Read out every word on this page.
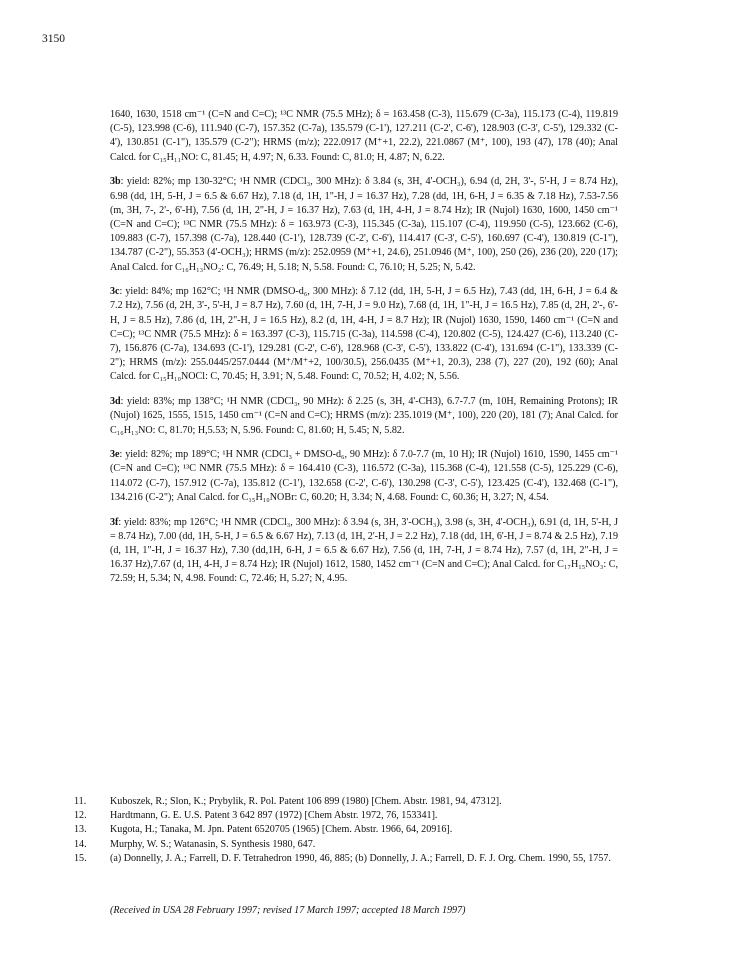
3150

1640, 1630, 1518 cm⁻¹ (C=N and C=C); ¹³C NMR (75.5 MHz); δ = 163.458 (C-3), 115.679 (C-3a), 115.173 (C-4), 119.819 (C-5), 123.998 (C-6), 111.940 (C-7), 157.352 (C-7a), 135.579 (C-1'), 127.211 (C-2', C-6'), 128.903 (C-3', C-5'), 129.332 (C-4'), 130.851 (C-1"), 135.579 (C-2"); HRMS (m/z); 222.0917 (M⁺+1, 22.2), 221.0867 (M⁺, 100), 193 (47), 178 (40); Anal Calcd. for C₁₅H₁₁NO: C, 81.45; H, 4.97; N, 6.33. Found: C, 81.0; H, 4.87; N, 6.22.

3b: yield: 82%; mp 130-32°C; ¹H NMR (CDCl₃, 300 MHz): δ 3.84 (s, 3H, 4'-OCH₃), 6.94 (d, 2H, 3'-, 5'-H, J = 8.74 Hz), 6.98 (dd, 1H, 5-H, J = 6.5 & 6.67 Hz), 7.18 (d, 1H, 1"-H, J = 16.37 Hz), 7.28 (dd, 1H, 6-H, J = 6.35 & 7.18 Hz), 7.53-7.56 (m, 3H, 7-, 2'-, 6'-H), 7.56 (d, 1H, 2"-H, J = 16.37 Hz), 7.63 (d, 1H, 4-H, J = 8.74 Hz); IR (Nujol) 1630, 1600, 1450 cm⁻¹ (C=N and C=C); ¹³C NMR (75.5 MHz): δ = 163.973 (C-3), 115.345 (C-3a), 115.107 (C-4), 119.950 (C-5), 123.662 (C-6), 109.883 (C-7), 157.398 (C-7a), 128.440 (C-1'), 128.739 (C-2', C-6'), 114.417 (C-3', C-5'), 160.697 (C-4'), 130.819 (C-1"), 134.787 (C-2"), 55.353 (4'-OCH₃); HRMS (m/z): 252.0959 (M⁺+1, 24.6), 251.0946 (M⁺, 100), 250 (26), 236 (20), 220 (17); Anal Calcd. for C₁₆H₁₃NO₂: C, 76.49; H, 5.18; N, 5.58. Found: C, 76.10; H, 5.25; N, 5.42.

3c: yield: 84%; mp 162°C; ¹H NMR (DMSO-d₆, 300 MHz): δ 7.12 (dd, 1H, 5-H, J = 6.5 Hz), 7.43 (dd, 1H, 6-H, J = 6.4 & 7.2 Hz), 7.56 (d, 2H, 3'-, 5'-H, J = 8.7 Hz), 7.60 (d, 1H, 7-H, J = 9.0 Hz), 7.68 (d, 1H, 1"-H, J = 16.5 Hz), 7.85 (d, 2H, 2'-, 6'-H, J = 8.5 Hz), 7.86 (d, 1H, 2"-H, J = 16.5 Hz), 8.2 (d, 1H, 4-H, J = 8.7 Hz); IR (Nujol) 1630, 1590, 1460 cm⁻¹ (C=N and C=C); ¹³C NMR (75.5 MHz): δ = 163.397 (C-3), 115.715 (C-3a), 114.598 (C-4), 120.802 (C-5), 124.427 (C-6), 113.240 (C-7), 156.876 (C-7a), 134.693 (C-1'), 129.281 (C-2', C-6'), 128.968 (C-3', C-5'), 133.822 (C-4'), 131.694 (C-1"), 133.339 (C-2"); HRMS (m/z): 255.0445/257.0444 (M⁺/M⁺+2, 100/30.5), 256.0435 (M⁺+1, 20.3), 238 (7), 227 (20), 192 (60); Anal Calcd. for C₁₅H₁₀NOCl: C, 70.45; H, 3.91; N, 5.48. Found: C, 70.52; H, 4.02; N, 5.56.

3d: yield: 83%; mp 138°C; ¹H NMR (CDCl₃, 90 MHz): δ 2.25 (s, 3H, 4'-CH3), 6.7-7.7 (m, 10H, Remaining Protons); IR (Nujol) 1625, 1555, 1515, 1450 cm⁻¹ (C=N and C=C); HRMS (m/z): 235.1019 (M⁺, 100), 220 (20), 181 (7); Anal Calcd. for C₁₆H₁₃NO: C, 81.70; H,5.53; N, 5.96. Found: C, 81.60; H, 5.45; N, 5.82.

3e: yield: 82%; mp 189°C; ¹H NMR (CDCl₃ + DMSO-d₆, 90 MHz): δ 7.0-7.7 (m, 10 H); IR (Nujol) 1610, 1590, 1455 cm⁻¹ (C=N and C=C); ¹³C NMR (75.5 MHz): δ = 164.410 (C-3), 116.572 (C-3a), 115.368 (C-4), 121.558 (C-5), 125.229 (C-6), 114.072 (C-7), 157.912 (C-7a), 135.812 (C-1'), 132.658 (C-2', C-6'), 130.298 (C-3', C-5'), 123.425 (C-4'), 132.468 (C-1"), 134.216 (C-2"); Anal Calcd. for C₁₅H₁₀NOBr: C, 60.20; H, 3.34; N, 4.68. Found: C, 60.36; H, 3.27; N, 4.54.

3f: yield: 83%; mp 126°C; ¹H NMR (CDCl₃, 300 MHz): δ 3.94 (s, 3H, 3'-OCH₃), 3.98 (s, 3H, 4'-OCH₃), 6.91 (d, 1H, 5'-H, J = 8.74 Hz), 7.00 (dd, 1H, 5-H, J = 6.5 & 6.67 Hz), 7.13 (d, 1H, 2'-H, J = 2.2 Hz), 7.18 (dd, 1H, 6'-H, J = 8.74 & 2.5 Hz), 7.19 (d, 1H, 1"-H, J = 16.37 Hz), 7.30 (dd,1H, 6-H, J = 6.5 & 6.67 Hz), 7.56 (d, 1H, 7-H, J = 8.74 Hz), 7.57 (d, 1H, 2"-H, J = 16.37 Hz),7.67 (d, 1H, 4-H, J = 8.74 Hz); IR (Nujol) 1612, 1580, 1452 cm⁻¹ (C=N and C=C); Anal Calcd. for C₁₇H₁₅NO₃: C, 72.59; H, 5.34; N, 4.98. Found: C, 72.46; H, 5.27; N, 4.95.

11.	Kuboszek, R.; Slon, K.; Prybylik, R. Pol. Patent 106 899 (1980) [Chem. Abstr. 1981, 94, 47312].
12.	Hardtmann, G. E. U.S. Patent 3 642 897 (1972) [Chem Abstr. 1972, 76, 153341].
13.	Kugota, H.; Tanaka, M. Jpn. Patent 6520705 (1965) [Chem. Abstr. 1966, 64, 20916].
14.	Murphy, W. S.; Watanasin, S. Synthesis 1980, 647.
15.	(a) Donnelly, J. A.; Farrell, D. F. Tetrahedron 1990, 46, 885; (b) Donnelly, J. A.; Farrell, D. F. J. Org. Chem. 1990, 55, 1757.

(Received in USA 28 February 1997; revised 17 March 1997; accepted 18 March 1997)
